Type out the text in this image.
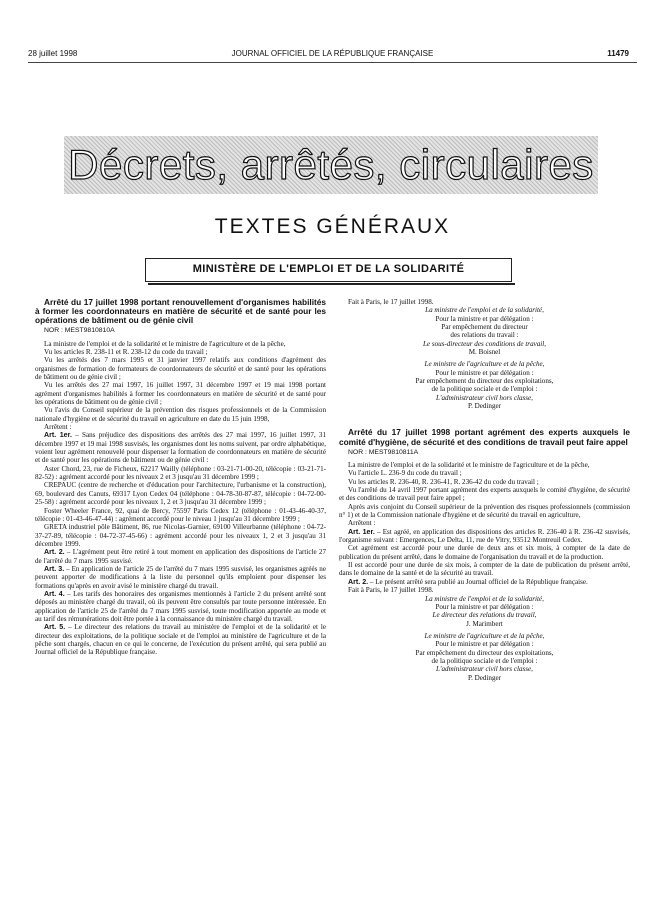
28 juillet 1998	JOURNAL OFFICIEL DE LA RÉPUBLIQUE FRANÇAISE	11479
Décrets, arrêtés, circulaires
TEXTES GÉNÉRAUX
MINISTÈRE DE L'EMPLOI ET DE LA SOLIDARITÉ

Arrêté du 17 juillet 1998 portant renouvellement d'organismes habilités à former les coordonnateurs en matière de sécurité et de santé pour les opérations de bâtiment ou de génie civil

NOR : MEST9810810A

La ministre de l'emploi et de la solidarité et le ministre de l'agriculture et de la pêche,

Vu les articles R. 238-11 et R. 238-12 du code du travail ;

Vu les arrêtés des 7 mars 1995 et 31 janvier 1997 relatifs aux conditions d'agrément des organismes de formation de formateurs de coordonnateurs de sécurité et de santé pour les opérations de bâtiment ou de génie civil ;

Vu les arrêtés des 27 mai 1997, 16 juillet 1997, 31 décembre 1997 et 19 mai 1998 portant agrément d'organismes habilités à former les coordonnateurs en matière de sécurité et de santé pour les opérations de bâtiment ou de génie civil ;

Vu l'avis du Conseil supérieur de la prévention des risques professionnels et de la Commission nationale d'hygiène et de sécurité du travail en agriculture en date du 15 juin 1998,

Arrêtent :

Art. 1er. – Sans préjudice des dispositions des arrêtés des 27 mai 1997, 16 juillet 1997, 31 décembre 1997 et 19 mai 1998 susvisés, les organismes dont les noms suivent, par ordre alphabétique, voient leur agrément renouvelé pour dispenser la formation de coordonnateurs en matière de sécurité et de santé pour les opérations de bâtiment ou de génie civil :

Aster Chord, 23, rue de Ficheux, 62217 Wailly (téléphone : 03-21-71-00-20, télécopie : 03-21-71-82-52) : agrément accordé pour les niveaux 2 et 3 jusqu'au 31 décembre 1999 ;

CREPAUC (centre de recherche et d'éducation pour l'architecture, l'urbanisme et la construction), 69, boulevard des Canuts, 69317 Lyon Cedex 04 (téléphone : 04-78-30-87-87, télécopie : 04-72-00-25-58) : agrément accordé pour les niveaux 1, 2 et 3 jusqu'au 31 décembre 1999 ;

Foster Wheeler France, 92, quai de Bercy, 75597 Paris Cedex 12 (téléphone : 01-43-46-40-37, télécopie : 01-43-46-47-44) : agrément accordé pour le niveau 1 jusqu'au 31 décembre 1999 ;

GRETA industriel pôle Bâtiment, 86, rue Nicolas-Garnier, 69100 Villeurbanne (téléphone : 04-72-37-27-89, télécopie : 04-72-37-45-66) : agrément accordé pour les niveaux 1, 2 et 3 jusqu'au 31 décembre 1999.

Art. 2. – L'agrément peut être retiré à tout moment en application des dispositions de l'article 27 de l'arrêté du 7 mars 1995 susvisé.

Art. 3. – En application de l'article 25 de l'arrêté du 7 mars 1995 susvisé, les organismes agréés ne peuvent apporter de modifications à la liste du personnel qu'ils emploient pour dispenser les formations qu'après en avoir avisé le ministère chargé du travail.

Art. 4. – Les tarifs des honoraires des organismes mentionnés à l'article 2 du présent arrêté sont déposés au ministère chargé du travail, où ils peuvent être consultés par toute personne intéressée. En application de l'article 25 de l'arrêté du 7 mars 1995 susvisé, toute modification apportée au mode et au tarif des rémunérations doit être portée à la connaissance du ministère chargé du travail.

Art. 5. – Le directeur des relations du travail au ministère de l'emploi et de la solidarité et le directeur des exploitations, de la politique sociale et de l'emploi au ministère de l'agriculture et de la pêche sont chargés, chacun en ce qui le concerne, de l'exécution du présent arrêté, qui sera publié au Journal officiel de la République française.

Fait à Paris, le 17 juillet 1998.

La ministre de l'emploi et de la solidarité,
Pour la ministre et par délégation :
Par empêchement du directeur
des relations du travail :
Le sous-directeur des conditions de travail,
M. Boisnel
Le ministre de l'agriculture et de la pêche,
Pour le ministre et par délégation :
Par empêchement du directeur des exploitations,
de la politique sociale et de l'emploi :
L'administrateur civil hors classe,
P. Dedinger

Arrêté du 17 juillet 1998 portant agrément des experts auxquels le comité d'hygiène, de sécurité et des conditions de travail peut faire appel

NOR : MEST9810811A

La ministre de l'emploi et de la solidarité et le ministre de l'agriculture et de la pêche,

Vu l'article L. 236-9 du code du travail ;

Vu les articles R. 236-40, R. 236-41, R. 236-42 du code du travail ;

Vu l'arrêté du 14 avril 1997 portant agrément des experts auxquels le comité d'hygiène, de sécurité et des conditions de travail peut faire appel ;

Après avis conjoint du Conseil supérieur de la prévention des risques professionnels (commission n° 1) et de la Commission nationale d'hygiène et de sécurité du travail en agriculture,

Arrêtent :

Art. 1er. – Est agréé, en application des dispositions des articles R. 236-40 à R. 236-42 susvisés, l'organisme suivant : Emergences, Le Delta, 11, rue de Vitry, 93512 Montreuil Cedex.

Cet agrément est accordé pour une durée de deux ans et six mois, à compter de la date de publication du présent arrêté, dans le domaine de l'organisation du travail et de la production.

Il est accordé pour une durée de six mois, à compter de la date de publication du présent arrêté, dans le domaine de la santé et de la sécurité au travail.

Art. 2. – Le présent arrêté sera publié au Journal officiel de la République française.

Fait à Paris, le 17 juillet 1998.

La ministre de l'emploi et de la solidarité,
Pour la ministre et par délégation :
Le directeur des relations du travail,
J. Marimbert
Le ministre de l'agriculture et de la pêche,
Pour le ministre et par délégation :
Par empêchement du directeur des exploitations,
de la politique sociale et de l'emploi :
L'administrateur civil hors classe,
P. Dedinger
